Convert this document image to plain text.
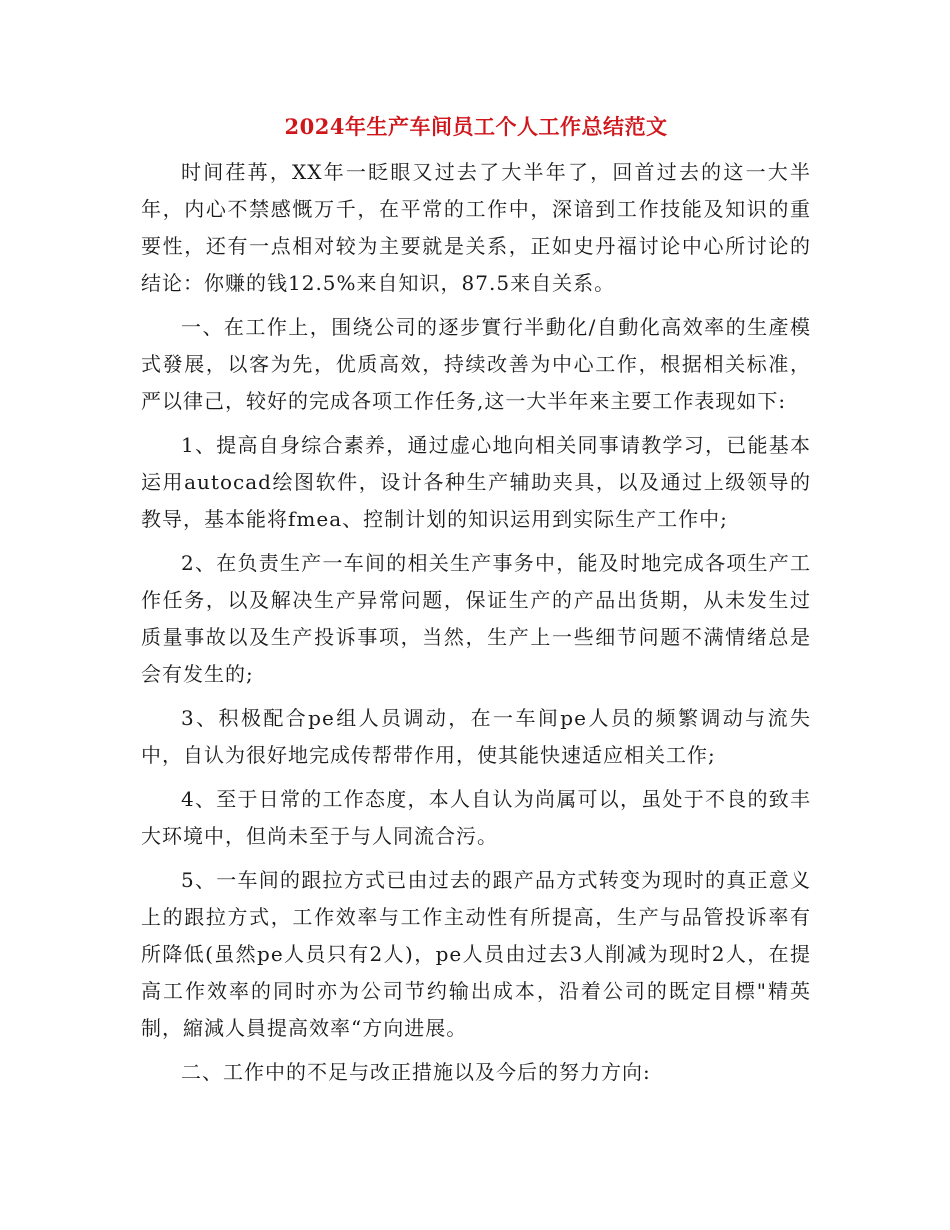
2024年生产车间员工个人工作总结范文

时间荏苒，XX年一眨眼又过去了大半年了，回首过去的这一大半年，内心不禁感慨万千，在平常的工作中，深谙到工作技能及知识的重要性，还有一点相对较为主要就是关系，正如史丹福讨论中心所讨论的结论：你赚的钱12.5%来自知识，87.5来自关系。

一、在工作上，围绕公司的逐步實行半動化/自動化高效率的生產模式發展，以客为先，优质高效，持续改善为中心工作，根据相关标准，严以律己，较好的完成各项工作任务,这一大半年来主要工作表现如下:

1、提高自身综合素养，通过虚心地向相关同事请教学习，已能基本运用autocad绘图软件，设计各种生产辅助夹具，以及通过上级领导的教导，基本能将fmea、控制计划的知识运用到实际生产工作中;

2、在负责生产一车间的相关生产事务中，能及时地完成各项生产工作任务，以及解决生产异常问题，保证生产的产品出货期，从未发生过质量事故以及生产投诉事项，当然，生产上一些细节问题不满情绪总是会有发生的;

3、积极配合pe组人员调动，在一车间pe人员的频繁调动与流失中，自认为很好地完成传帮带作用，使其能快速适应相关工作;

4、至于日常的工作态度，本人自认为尚属可以，虽处于不良的致丰大环境中，但尚未至于与人同流合污。

5、一车间的跟拉方式已由过去的跟产品方式转变为现时的真正意义上的跟拉方式，工作效率与工作主动性有所提高，生产与品管投诉率有所降低(虽然pe人员只有2人)，pe人员由过去3人削减为现时2人，在提高工作效率的同时亦为公司节约输出成本，沿着公司的既定目標"精英制，縮減人員提高效率“方向进展。

二、工作中的不足与改正措施以及今后的努力方向:
